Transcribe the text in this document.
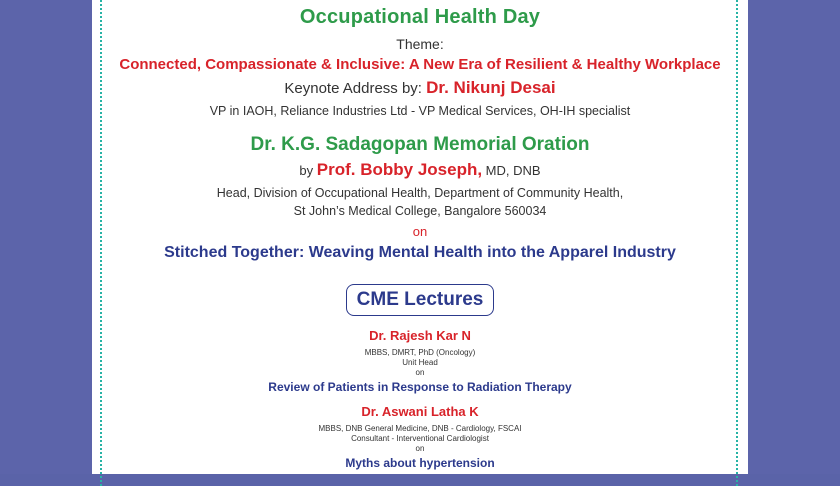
Occupational Health Day
Theme:
Connected, Compassionate & Inclusive: A New Era of Resilient & Healthy Workplace
Keynote Address by: Dr. Nikunj Desai
VP in IAOH, Reliance Industries Ltd - VP Medical Services, OH-IH specialist
Dr. K.G. Sadagopan Memorial Oration
by Prof. Bobby Joseph, MD, DNB
Head, Division of Occupational Health, Department of Community Health,
St John’s Medical College, Bangalore 560034
on
Stitched Together: Weaving Mental Health into the Apparel Industry
CME Lectures
Dr. Rajesh Kar N
MBBS, DMRT, PhD (Oncology)
Unit Head
on
Review of Patients in Response to Radiation Therapy
Dr. Aswani Latha K
MBBS, DNB General Medicine, DNB - Cardiology, FSCAI
Consultant - Interventional Cardiologist
on
Myths about hypertension
